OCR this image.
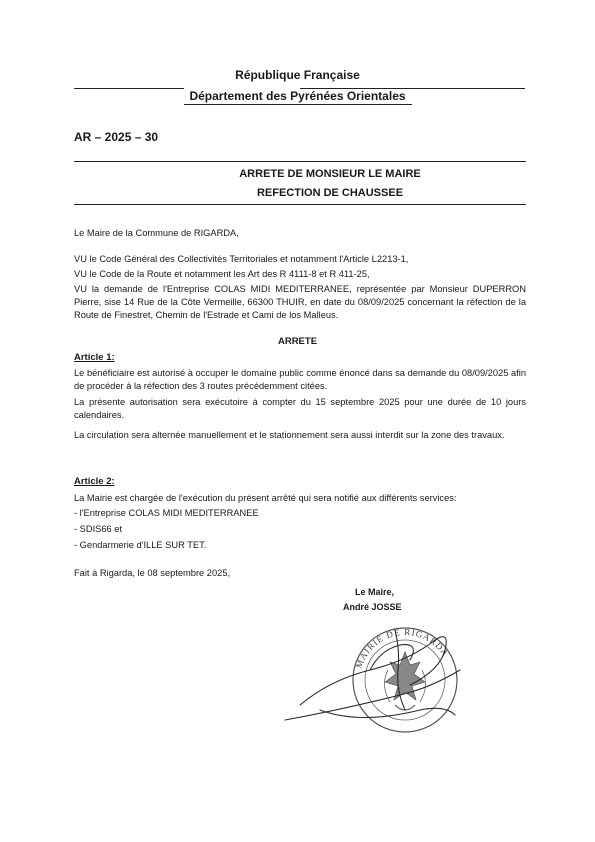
République Française
Département des Pyrénées Orientales
AR – 2025 – 30
ARRETE DE MONSIEUR LE MAIRE
REFECTION DE CHAUSSEE
Le Maire de la Commune de RIGARDA,
VU le Code Général des Collectivités Territoriales et notamment l'Article L2213-1,
VU le Code de la Route et notamment les Art des R 4111-8 et R 411-25,
VU la demande de l'Entreprise COLAS MIDI MEDITERRANEE, représentée par Monsieur DUPERRON Pierre, sise 14 Rue de la Côte Vermeille, 66300 THUIR, en date du 08/09/2025 concernant la réfection de la Route de Finestret, Chemin de l'Estrade et Cami de los Malleus.
ARRETE
Article 1:
Le bénéficiaire est autorisé à occuper le domaine public comme énoncé dans sa demande du 08/09/2025 afin de procéder à la réfection des 3 routes précédemment citées.
La présente autorisation sera exécutoire à compter du 15 septembre 2025 pour une durée de 10 jours calendaires.
La circulation sera alternée manuellement et le stationnement sera aussi interdit sur la zone des travaux.
Article 2:
La Mairie est chargée de l'exécution du présent arrêté qui sera notifié aux différents services:
- l'Entreprise COLAS MIDI MEDITERRANEE
- SDIS66 et
- Gendarmerie d'ILLE SUR TET.
Fait à Rigarda, le 08 septembre 2025,
Le Maire,
André JOSSE
MAIRIE DE RIGARDA
